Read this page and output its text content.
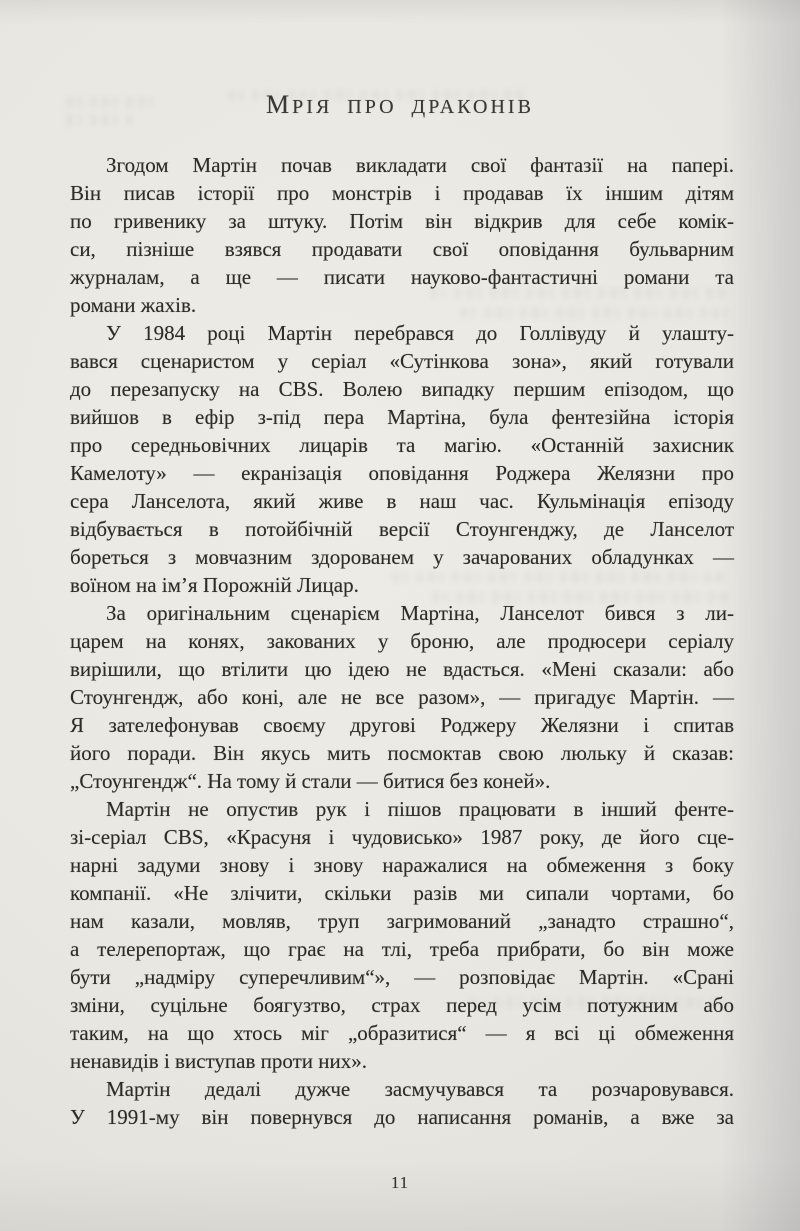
МРІЯ ПРО ДРАКОНІВ
Згодом Мартін почав викладати свої фантазії на папері.
Він писав історії про монстрів і продавав їх іншим дітям
по гривенику за штуку. Потім він відкрив для себе комік-
си, пізніше взявся продавати свої оповідання бульварним
журналам, а ще — писати науково-фантастичні романи та
романи жахів.
У 1984 році Мартін перебрався до Голлівуду й улашту-
вався сценаристом у серіал «Сутінкова зона», який готували
до перезапуску на CBS. Волею випадку першим епізодом, що
вийшов в ефір з-під пера Мартіна, була фентезійна історія
про середньовічних лицарів та магію. «Останній захисник
Камелоту» — екранізація оповідання Роджера Желязни про
сера Ланселота, який живе в наш час. Кульмінація епізоду
відбувається в потойбічній версії Стоунгенджу, де Ланселот
бореться з мовчазним здорованем у зачарованих обладунках —
воїном на ім’я Порожній Лицар.
За оригінальним сценарієм Мартіна, Ланселот бився з ли-
царем на конях, закованих у броню, але продюсери серіалу
вирішили, що втілити цю ідею не вдасться. «Мені сказали: або
Стоунгендж, або коні, але не все разом», — пригадує Мартін. —
Я зателефонував своєму другові Роджеру Желязни і спитав
його поради. Він якусь мить посмоктав свою люльку й сказав:
„Стоунгендж“. На тому й стали — битися без коней».
Мартін не опустив рук і пішов працювати в інший фенте-
зі-серіал CBS, «Красуня і чудовисько» 1987 року, де його сце-
нарні задуми знову і знову наражалися на обмеження з боку
компанії. «Не злічити, скільки разів ми сипали чортами, бо
нам казали, мовляв, труп загримований „занадто страшно“,
а телерепортаж, що грає на тлі, треба прибрати, бо він може
бути „надміру суперечливим“», — розповідає Мартін. «Срані
зміни, суцільне боягузтво, страх перед усім потужним або
таким, на що хтось міг „образитися“ — я всі ці обмеження
ненавидів і виступав проти них».
Мартін дедалі дужче засмучувався та розчаровувався.
У 1991-му він повернувся до написання романів, а вже за
11
